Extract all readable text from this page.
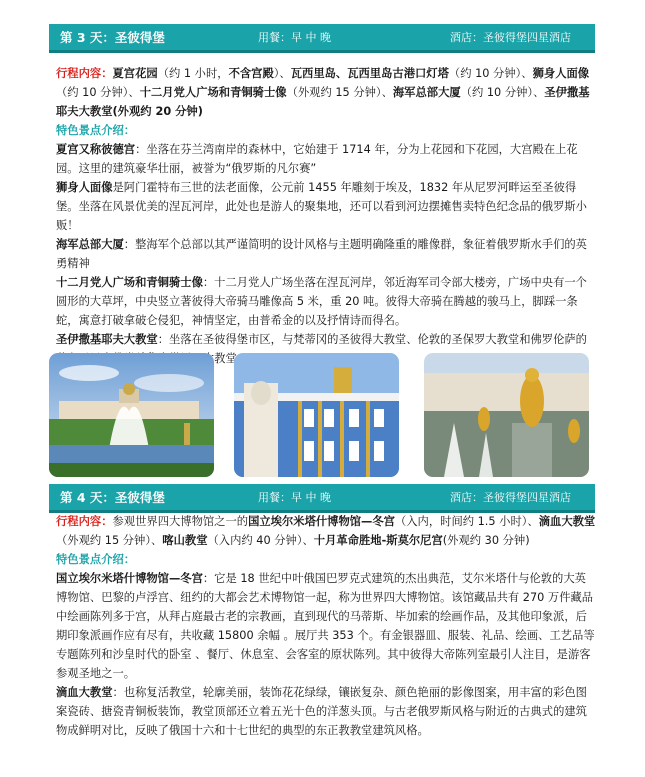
第 3 天：圣彼得堡	用餐：早 中 晚	酒店：圣彼得堡四星酒店

行程内容：夏宫花园（约 1 小时，不含宫殿）、瓦西里岛、瓦西里岛古港口灯塔（约 10 分钟）、狮身人面像（约 10 分钟）、十二月党人广场和青铜骑士像（外观约 15 分钟）、海军总部大厦（约 10 分钟）、圣伊撒基耶夫大教堂(外观约 20 分钟)

特色景点介绍：

夏宫又称彼德宫：坐落在芬兰湾南岸的森林中，它始建于 1714 年，分为上花园和下花园，大宫殿在上花园。这里的建筑豪华壮丽，被誉为“俄罗斯的凡尔赛”

狮身人面像是阿门霍特布三世的法老面像，公元前 1455 年雕刻于埃及，1832 年从尼罗河畔运至圣彼得堡。坐落在风景优美的涅瓦河岸，此处也是游人的聚集地，还可以看到河边摆摊售卖特色纪念品的俄罗斯小贩！

海军总部大厦：整海军个总部以其严谨简明的设计风格与主题明确隆重的雕像群，象征着俄罗斯水手们的英勇精神

十二月党人广场和青铜骑士像：十二月党人广场坐落在涅瓦河岸，邻近海军司令部大楼旁，广场中央有一个圆形的大草坪，中央竖立著彼得大帝骑马雕像高 5 米，重 20 吨。彼得大帝骑在腾越的骏马上，脚踩一条蛇，寓意打破拿破仑侵犯，神情坚定，由普希金的以及抒情诗而得名。

圣伊撒基耶夫大教堂：坐落在圣彼得堡市区，与梵蒂冈的圣彼得大教堂、伦敦的圣保罗大教堂和佛罗伦萨的 大教堂。

第 4 天：圣彼得堡	用餐：早 中 晚	酒店：圣彼得堡四星酒店

行程内容：参观世界四大博物馆之一的国立埃尔米塔什博物馆—冬宫（入内，时间约 1.5 小时）、滴血大教堂（外观约 15 分钟）、喀山教堂（入内约 40 分钟）、十月革命胜地-斯莫尔尼宫(外观约 30 分钟)

特色景点介绍：

国立埃尔米塔什博物馆—冬宫：它是 18 世纪中叶俄国巴罗克式建筑的杰出典范，艾尔米塔什与伦敦的大英博物馆、巴黎的卢浮宫、纽约的大都会艺术博物馆一起，称为世界四大博物馆。该馆藏品共有 270 万件藏品中绘画陈列多于宫，从拜占庭最古老的宗教画，直到现代的马蒂斯、毕加索的绘画作品，及其他印象派，后期印象派画作应有尽有，共收藏 15800 余幅 。展厅共 353 个。有金银器皿、服装、礼品、绘画、工艺品等专题陈列和沙皇时代的卧室 、餐厅、休息室、会客室的原状陈列。其中彼得大帝陈列室最引人注目，是游客参观圣地之一。

滴血大教堂：也称复活教堂，轮廓美丽，装饰花花绿绿，镶嵌复杂、颜色艳丽的影像图案，用丰富的彩色图案瓷砖、搪瓷青铜板装饰，教堂顶部还立着五光十色的洋葱头顶。与古老俄罗斯风格与附近的古典式的建筑物成鲜明对比，反映了俄国十六和十七世纪的典型的东正教教堂建筑风格。
